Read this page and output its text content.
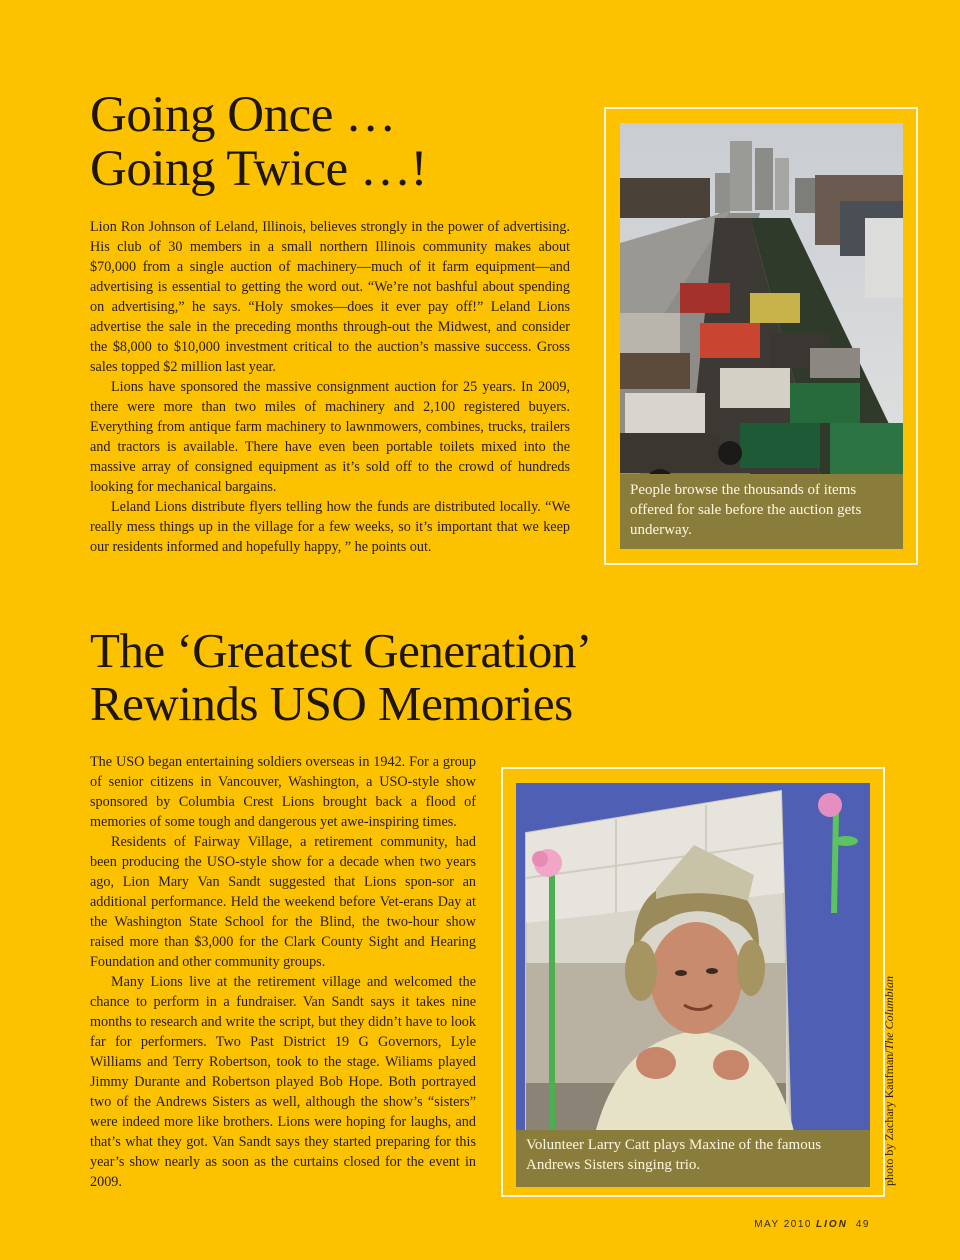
Going Once …
Going Twice …!

Lion Ron Johnson of Leland, Illinois, believes strongly in the power of advertising. His club of 30 members in a small northern Illinois community makes about $70,000 from a single auction of machinery—much of it farm equipment—and advertising is essential to getting the word out. “We’re not bashful about spending on advertising,” he says. “Holy smokes—does it ever pay off!” Leland Lions advertise the sale in the preceding months through-out the Midwest, and consider the $8,000 to $10,000 investment critical to the auction’s massive success. Gross sales topped $2 million last year.

Lions have sponsored the massive consignment auction for 25 years. In 2009, there were more than two miles of machinery and 2,100 registered buyers. Everything from antique farm machinery to lawnmowers, combines, trucks, trailers and tractors is available. There have even been portable toilets mixed into the massive array of consigned equipment as it’s sold off to the crowd of hundreds looking for mechanical bargains.

Leland Lions distribute flyers telling how the funds are distributed locally. “We really mess things up in the village for a few weeks, so it’s important that we keep our residents informed and hopefully happy, ” he points out.

People browse the thousands of items offered for sale before the auction gets underway.
The ‘Greatest Generation’
Rewinds USO Memories

The USO began entertaining soldiers overseas in 1942. For a group of senior citizens in Vancouver, Washington, a USO-style show sponsored by Columbia Crest Lions brought back a flood of memories of some tough and dangerous yet awe-inspiring times.

Residents of Fairway Village, a retirement community, had been producing the USO-style show for a decade when two years ago, Lion Mary Van Sandt suggested that Lions spon-sor an additional performance. Held the weekend before Vet-erans Day at the Washington State School for the Blind, the two-hour show raised more than $3,000 for the Clark County Sight and Hearing Foundation and other community groups.

Many Lions live at the retirement village and welcomed the chance to perform in a fundraiser. Van Sandt says it takes nine months to research and write the script, but they didn’t have to look far for performers. Two Past District 19 G Governors, Lyle Williams and Terry Robertson, took to the stage. Wiliams played Jimmy Durante and Robertson played Bob Hope. Both portrayed two of the Andrews Sisters as well, although the show’s “sisters” were indeed more like brothers. Lions were hoping for laughs, and that’s what they got. Van Sandt says they started preparing for this year’s show nearly as soon as the curtains closed for the event in 2009.

Volunteer Larry Catt plays Maxine of the famous Andrews Sisters singing trio.	photo by Zachary Kaufman/The Columbian
MAY 2010 LION 49
